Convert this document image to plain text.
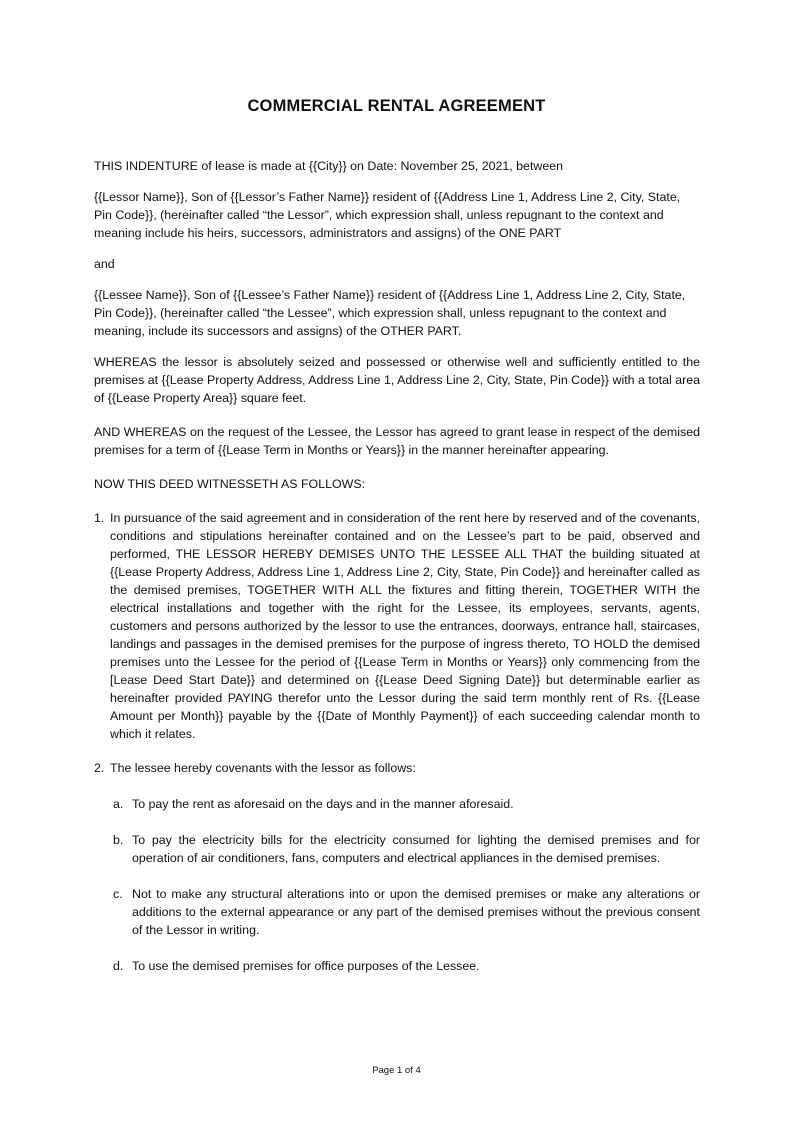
COMMERCIAL RENTAL AGREEMENT

THIS INDENTURE of lease is made at {{City}} on Date: November 25, 2021, between

{{Lessor Name}}, Son of {{Lessor’s Father Name}} resident of {{Address Line 1, Address Line 2, City, State, Pin Code}}, (hereinafter called “the Lessor”, which expression shall, unless repugnant to the context and meaning include his heirs, successors, administrators and assigns) of the ONE PART

and

{{Lessee Name}}, Son of {{Lessee’s Father Name}} resident of {{Address Line 1, Address Line 2, City, State, Pin Code}}, (hereinafter called “the Lessee”, which expression shall, unless repugnant to the context and meaning, include its successors and assigns) of the OTHER PART.

WHEREAS the lessor is absolutely seized and possessed or otherwise well and sufficiently entitled to the premises at {{Lease Property Address, Address Line 1, Address Line 2, City, State, Pin Code}} with a total area of {{Lease Property Area}} square feet.

AND WHEREAS on the request of the Lessee, the Lessor has agreed to grant lease in respect of the demised premises for a term of {{Lease Term in Months or Years}} in the manner hereinafter appearing.

NOW THIS DEED WITNESSETH AS FOLLOWS:

1. In pursuance of the said agreement and in consideration of the rent here by reserved and of the covenants, conditions and stipulations hereinafter contained and on the Lessee’s part to be paid, observed and performed, THE LESSOR HEREBY DEMISES UNTO THE LESSEE ALL THAT the building situated at {{Lease Property Address, Address Line 1, Address Line 2, City, State, Pin Code}} and hereinafter called as the demised premises, TOGETHER WITH ALL the fixtures and fitting therein, TOGETHER WITH the electrical installations and together with the right for the Lessee, its employees, servants, agents, customers and persons authorized by the lessor to use the entrances, doorways, entrance hall, staircases, landings and passages in the demised premises for the purpose of ingress thereto, TO HOLD the demised premises unto the Lessee for the period of {{Lease Term in Months or Years}} only commencing from the [Lease Deed Start Date}} and determined on {{Lease Deed Signing Date}} but determinable earlier as hereinafter provided PAYING therefor unto the Lessor during the said term monthly rent of Rs. {{Lease Amount per Month}} payable by the {{Date of Monthly Payment}} of each succeeding calendar month to which it relates.
2. The lessee hereby covenants with the lessor as follows:
a. To pay the rent as aforesaid on the days and in the manner aforesaid.
b. To pay the electricity bills for the electricity consumed for lighting the demised premises and for operation of air conditioners, fans, computers and electrical appliances in the demised premises.
c. Not to make any structural alterations into or upon the demised premises or make any alterations or additions to the external appearance or any part of the demised premises without the previous consent of the Lessor in writing.
d. To use the demised premises for office purposes of the Lessee.
Page 1 of 4
